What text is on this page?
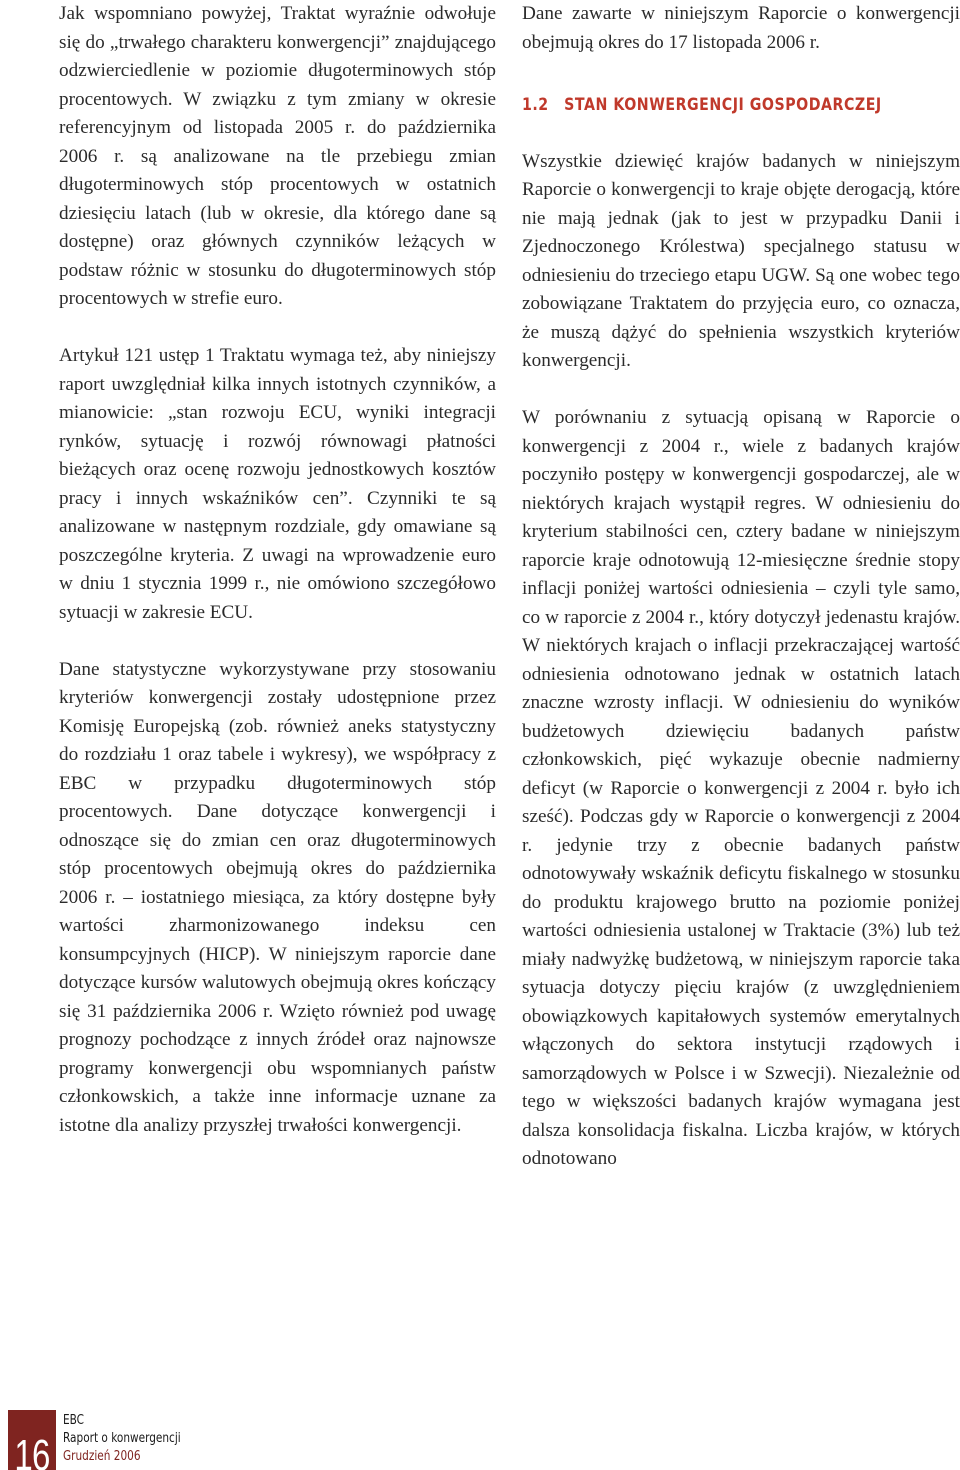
Jak wspomniano powyżej, Traktat wyraźnie odwołuje się do „trwałego charakteru konwergencji” znajdującego odzwierciedlenie w poziomie długoterminowych stóp procentowych. W związku z tym zmiany w okresie referencyjnym od listopada 2005 r. do października 2006 r. są analizowane na tle przebiegu zmian długoterminowych stóp procentowych w ostatnich dziesięciu latach (lub w okresie, dla którego dane są dostępne) oraz głównych czynników leżących w podstaw różnic w stosunku do długoterminowych stóp procentowych w strefie euro.

Artykuł 121 ustęp 1 Traktatu wymaga też, aby niniejszy raport uwzględniał kilka innych istotnych czynników, a mianowicie: „stan rozwoju ECU, wyniki integracji rynków, sytuację i rozwój równowagi płatności bieżących oraz ocenę rozwoju jednostkowych kosztów pracy i innych wskaźników cen”. Czynniki te są analizowane w następnym rozdziale, gdy omawiane są poszczególne kryteria. Z uwagi na wprowadzenie euro w dniu 1 stycznia 1999 r., nie omówiono szczegółowo sytuacji w zakresie ECU.

Dane statystyczne wykorzystywane przy stosowaniu kryteriów konwergencji zostały udostępnione przez Komisję Europejską (zob. również aneks statystyczny do rozdziału 1 oraz tabele i wykresy), we współpracy z EBC w przypadku długoterminowych stóp procentowych. Dane dotyczące konwergencji i odnoszące się do zmian cen oraz długoterminowych stóp procentowych obejmują okres do października 2006 r. – iostatniego miesiąca, za który dostępne były wartości zharmonizowanego indeksu cen konsumpcyjnych (HICP). W niniejszym raporcie dane dotyczące kursów walutowych obejmują okres kończący się 31 października 2006 r. Wzięto również pod uwagę prognozy pochodzące z innych źródeł oraz najnowsze programy konwergencji obu wspomnianych państw członkowskich, a także inne informacje uznane za istotne dla analizy przyszłej trwałości konwergencji.

Dane zawarte w niniejszym Raporcie o konwergencji obejmują okres do 17 listopada 2006 r.

1.2 STAN KONWERGENCJI GOSPODARCZEJ

Wszystkie dziewięć krajów badanych w niniejszym Raporcie o konwergencji to kraje objęte derogacją, które nie mają jednak (jak to jest w przypadku Danii i Zjednoczonego Królestwa) specjalnego statusu w odniesieniu do trzeciego etapu UGW. Są one wobec tego zobowiązane Traktatem do przyjęcia euro, co oznacza, że muszą dążyć do spełnienia wszystkich kryteriów konwergencji.

W porównaniu z sytuacją opisaną w Raporcie o konwergencji z 2004 r., wiele z badanych krajów poczyniło postępy w konwergencji gospodarczej, ale w niektórych krajach wystąpił regres. W odniesieniu do kryterium stabilności cen, cztery badane w niniejszym raporcie kraje odnotowują 12-miesięczne średnie stopy inflacji poniżej wartości odniesienia – czyli tyle samo, co w raporcie z 2004 r., który dotyczył jedenastu krajów. W niektórych krajach o inflacji przekraczającej wartość odniesienia odnotowano jednak w ostatnich latach znaczne wzrosty inflacji. W odniesieniu do wyników budżetowych dziewięciu badanych państw członkowskich, pięć wykazuje obecnie nadmierny deficyt (w Raporcie o konwergencji z 2004 r. było ich sześć). Podczas gdy w Raporcie o konwergencji z 2004 r. jedynie trzy z obecnie badanych państw odnotowywały wskaźnik deficytu fiskalnego w stosunku do produktu krajowego brutto na poziomie poniżej wartości odniesienia ustalonej w Traktacie (3%) lub też miały nadwyżkę budżetową, w niniejszym raporcie taka sytuacja dotyczy pięciu krajów (z uwzględnieniem obowiązkowych kapitałowych systemów emerytalnych włączonych do sektora instytucji rządowych i samorządowych w Polsce i w Szwecji). Niezależnie od tego w większości badanych krajów wymagana jest dalsza konsolidacja fiskalna. Liczba krajów, w których odnotowano

16
EBC
Raport o konwergencji
Grudzień 2006
